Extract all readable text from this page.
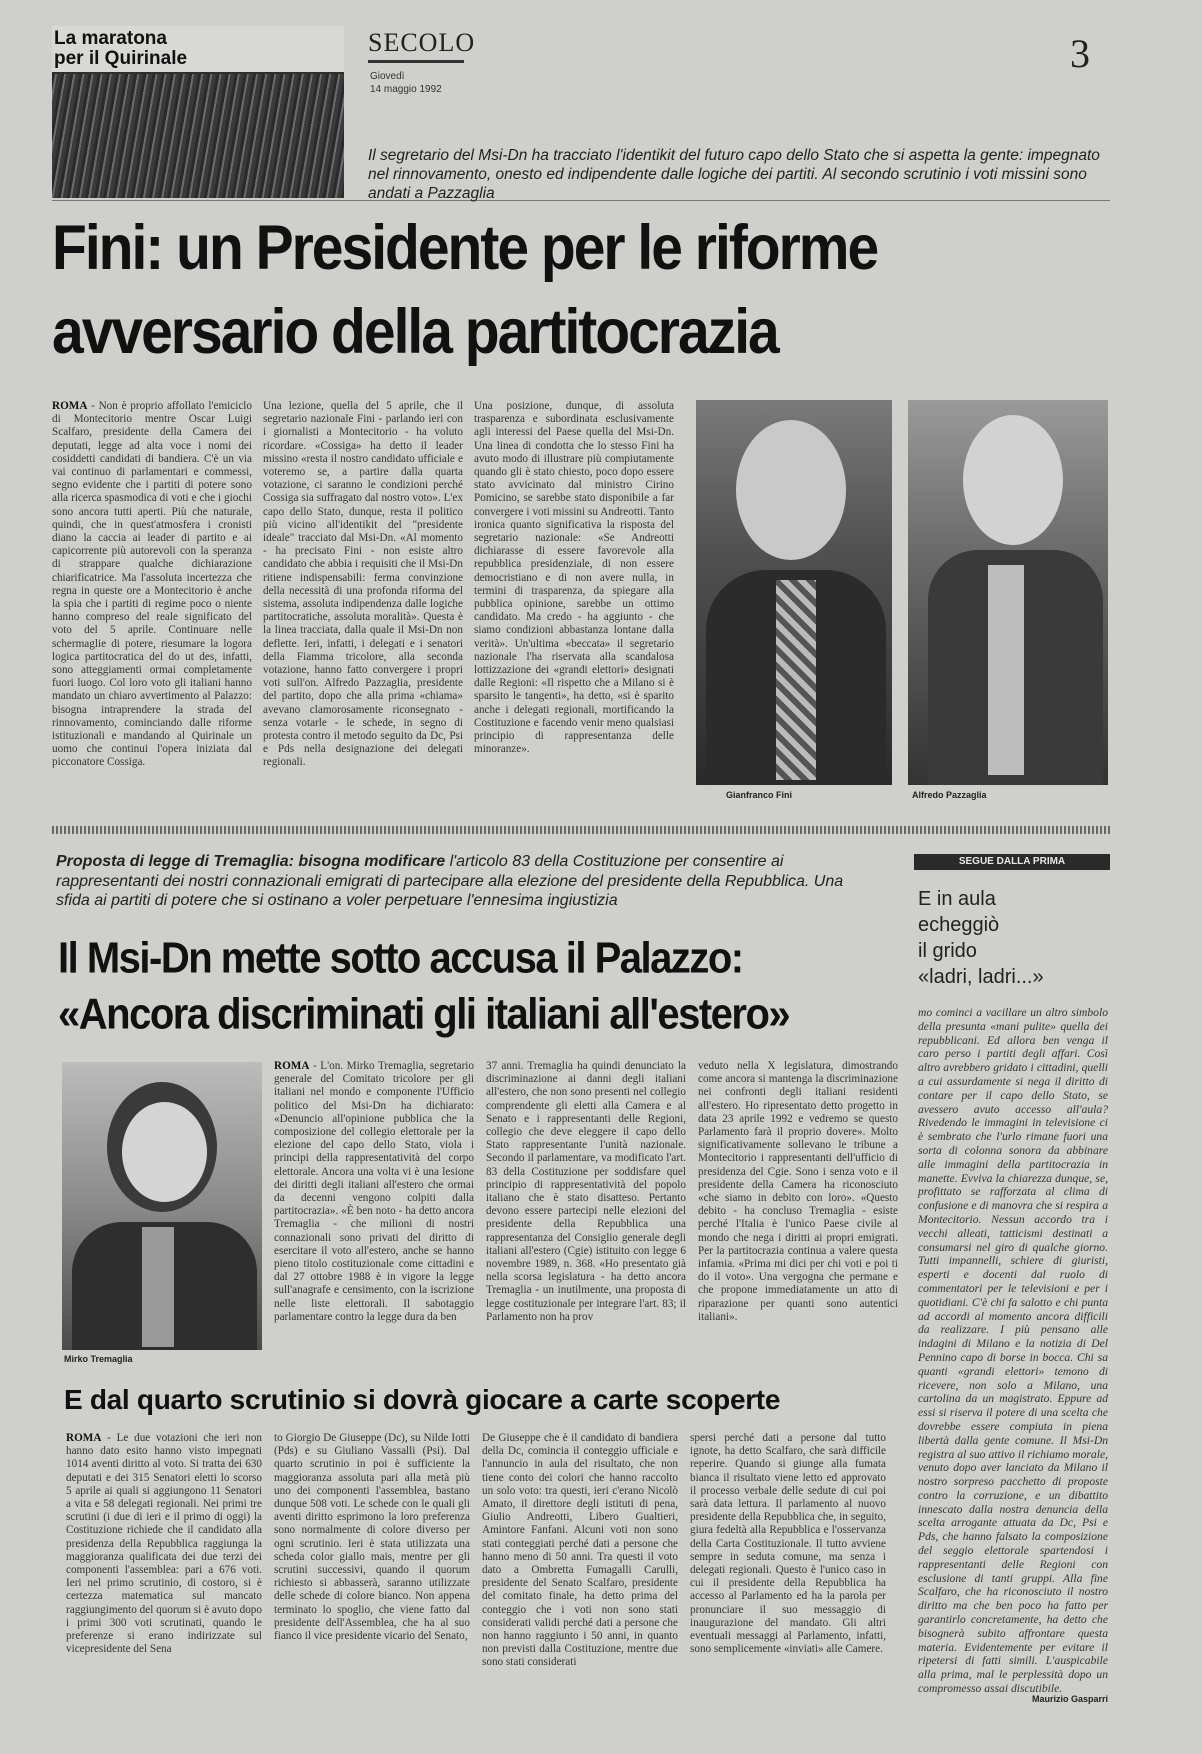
La maratona
per il Quirinale
SECOLO
Giovedì
14 maggio 1992
3
Il segretario del Msi-Dn ha tracciato l'identikit del futuro capo dello Stato che si aspetta la gente: impegnato nel rinnovamento, onesto ed indipendente dalle logiche dei partiti. Al secondo scrutinio i voti missini sono andati a Pazzaglia
Fini: un Presidente per le riforme
avversario della partitocrazia
ROMA - Non è proprio affollato l'emiciclo di Montecitorio mentre Oscar Luigi Scalfaro, presidente della Camera dei deputati, legge ad alta voce i nomi dei cosiddetti candidati di bandiera. C'è un via vai continuo di parlamentari e commessi, segno evidente che i partiti di potere sono alla ricerca spasmodica di voti e che i giochi sono ancora tutti aperti. Più che naturale, quindi, che in quest'atmosfera i cronisti diano la caccia ai leader di partito e ai capicorrente più autorevoli con la speranza di strappare qualche dichiarazione chiarificatrice. Ma l'assoluta incertezza che regna in queste ore a Montecitorio è anche la spia che i partiti di regime poco o niente hanno compreso del reale significato del voto del 5 aprile. Continuare nelle schermaglie di potere, riesumare la logora logica partitocratica del do ut des, infatti, sono atteggiamenti ormai completamente fuori luogo. Col loro voto gli italiani hanno mandato un chiaro avvertimento al Palazzo: bisogna intraprendere la strada del rinnovamento, cominciando dalle riforme istituzionali e mandando al Quirinale un uomo che continui l'opera iniziata dal picconatore Cossiga.
Una lezione, quella del 5 aprile, che il segretario nazionale Fini - parlando ieri con i giornalisti a Montecitorio - ha voluto ricordare. «Cossiga» ha detto il leader missino «resta il nostro candidato ufficiale e voteremo se, a partire dalla quarta votazione, ci saranno le condizioni perché Cossiga sia suffragato dal nostro voto». L'ex capo dello Stato, dunque, resta il politico più vicino all'identikit del "presidente ideale" tracciato dal Msi-Dn. «Al momento - ha precisato Fini - non esiste altro candidato che abbia i requisiti che il Msi-Dn ritiene indispensabili: ferma convinzione della necessità di una profonda riforma del sistema, assoluta indipendenza dalle logiche partitocratiche, assoluta moralità». Questa è la linea tracciata, dalla quale il Msi-Dn non deflette. Ieri, infatti, i delegati e i senatori della Fiamma tricolore, alla seconda votazione, hanno fatto convergere i propri voti sull'on. Alfredo Pazzaglia, presidente del partito, dopo che alla prima «chiama» avevano clamorosamente riconsegnato - senza votarle - le schede, in segno di protesta contro il metodo seguito da Dc, Psi e Pds nella designazione dei delegati regionali.
Una posizione, dunque, di assoluta trasparenza e subordinata esclusivamente agli interessi del Paese quella del Msi-Dn. Una linea di condotta che lo stesso Fini ha avuto modo di illustrare più compiutamente quando gli è stato chiesto, poco dopo essere stato avvicinato dal ministro Cirino Pomicino, se sarebbe stato disponibile a far convergere i voti missini su Andreotti. Tanto ironica quanto significativa la risposta del segretario nazionale: «Se Andreotti dichiarasse di essere favorevole alla repubblica presidenziale, di non essere democristiano e di non avere nulla, in termini di trasparenza, da spiegare alla pubblica opinione, sarebbe un ottimo candidato. Ma credo - ha aggiunto - che siamo condizioni abbastanza lontane dalla verità». Un'ultima «beccata» il segretario nazionale l'ha riservata alla scandalosa lottizzazione dei «grandi elettori» designati dalle Regioni: «Il rispetto che a Milano si è sparsito le tangenti», ha detto, «si è sparito anche i delegati regionali, mortificando la Costituzione e facendo venir meno qualsiasi principio di rappresentanza delle minoranze».
Gianfranco Fini	Alfredo Pazzaglia
Proposta di legge di Tremaglia: bisogna modificare l'articolo 83 della Costituzione per consentire ai rappresentanti dei nostri connazionali emigrati di partecipare alla elezione del presidente della Repubblica. Una sfida ai partiti di potere che si ostinano a voler perpetuare l'ennesima ingiustizia
Il Msi-Dn mette sotto accusa il Palazzo:
«Ancora discriminati gli italiani all'estero»
Mirko Tremaglia
ROMA - L'on. Mirko Tremaglia, segretario generale del Comitato tricolore per gli italiani nel mondo e componente l'Ufficio politico del Msi-Dn ha dichiarato: «Denuncio all'opinione pubblica che la composizione del collegio elettorale per la elezione del capo dello Stato, viola i principi della rappresentatività del corpo elettorale. Ancora una volta vi è una lesione dei diritti degli italiani all'estero che ormai da decenni vengono colpiti dalla partitocrazia». «È ben noto - ha detto ancora Tremaglia - che milioni di nostri connazionali sono privati del diritto di esercitare il voto all'estero, anche se hanno pieno titolo costituzionale come cittadini e dal 27 ottobre 1988 è in vigore la legge sull'anagrafe e censimento, con la iscrizione nelle liste elettorali. Il sabotaggio parlamentare contro la legge dura da ben
37 anni. Tremaglia ha quindi denunciato la discriminazione ai danni degli italiani all'estero, che non sono presenti nel collegio comprendente gli eletti alla Camera e al Senato e i rappresentanti delle Regioni, collegio che deve eleggere il capo dello Stato rappresentante l'unità nazionale. Secondo il parlamentare, va modificato l'art. 83 della Costituzione per soddisfare quel principio di rappresentatività del popolo italiano che è stato disatteso. Pertanto devono essere partecipi nelle elezioni del presidente della Repubblica una rappresentanza del Consiglio generale degli italiani all'estero (Cgie) istituito con legge 6 novembre 1989, n. 368. «Ho presentato già nella scorsa legislatura - ha detto ancora Tremaglia - un inutilmente, una proposta di legge costituzionale per integrare l'art. 83; il Parlamento non ha prov
veduto nella X legislatura, dimostrando come ancora si mantenga la discriminazione nei confronti degli italiani residenti all'estero. Ho ripresentato detto progetto in data 23 aprile 1992 e vedremo se questo Parlamento farà il proprio dovere». Molto significativamente sollevano le tribune a Montecitorio i rappresentanti dell'ufficio di presidenza del Cgie. Sono i senza voto e il presidente della Camera ha riconosciuto «che siamo in debito con loro». «Questo debito - ha concluso Tremaglia - esiste perché l'Italia è l'unico Paese civile al mondo che nega i diritti ai propri emigrati. Per la partitocrazia continua a valere questa infamia. «Prima mi dici per chi voti e poi ti do il voto». Una vergogna che permane e che propone immediatamente un atto di riparazione per quanti sono autentici italiani».
SEGUE DALLA PRIMA
E in aula
echeggiò
il grido
«ladri, ladri...»
mo cominci a vacillare un altro simbolo della presunta «mani pulite» quella dei repubblicani. Ed allora ben venga il caro perso i partiti degli affari. Così altro avrebbero gridato i cittadini, quelli a cui assurdamente si nega il diritto di contare per il capo dello Stato, se avessero avuto accesso all'aula? Rivedendo le immagini in televisione ci è sembrato che l'urlo rimane fuori una sorta di colonna sonora da abbinare alle immagini della partitocrazia in manette. Evviva la chiarezza dunque, se, profittato se rafforzata al clima di confusione e di manovra che si respira a Montecitorio. Nessun accordo tra i vecchi alleati, tatticismi destinati a consumarsi nel giro di qualche giorno. Tutti impannelli, schiere di giuristi, esperti e docenti dal ruolo di commentatori per le televisioni e per i quotidiani. C'è chi fa salotto e chi punta ad accordi al momento ancora difficili da realizzare. I più pensano alle indagini di Milano e la notizia di Del Pennino capo di borse in bocca. Chi sa quanti «grandi elettori» temono di ricevere, non solo a Milano, una cartolina da un magistrato. Eppure ad essi si riserva il potere di una scelta che dovrebbe essere compiuta in piena libertà dalla gente comune. Il Msi-Dn registra al suo attivo il richiamo morale, venuto dopo aver lanciato da Milano il nostro sorpreso pacchetto di proposte contro la corruzione, e un dibattito innescato dalla nostra denuncia della scelta arrogante attuata da Dc, Psi e Pds, che hanno falsato la composizione del seggio elettorale spartendosi i rappresentanti delle Regioni con esclusione di tanti gruppi. Alla fine Scalfaro, che ha riconosciuto il nostro diritto ma che ben poco ha fatto per garantirlo concretamente, ha detto che bisognerà subito affrontare questa materia. Evidentemente per evitare il ripetersi di fatti simili. L'auspicabile alla prima, mal le perplessità dopo un compromesso assai discutibile.
Maurizio Gasparri
E dal quarto scrutinio si dovrà giocare a carte scoperte
ROMA - Le due votazioni che ieri non hanno dato esito hanno visto impegnati 1014 aventi diritto al voto. Si tratta dei 630 deputati e dei 315 Senatori eletti lo scorso 5 aprile ai quali si aggiungono 11 Senatori a vita e 58 delegati regionali. Nei primi tre scrutini (i due di ieri e il primo di oggi) la Costituzione richiede che il candidato alla presidenza della Repubblica raggiunga la maggioranza qualificata dei due terzi dei componenti l'assemblea: pari a 676 voti. Ieri nel primo scrutinio, di costoro, si è certezza matematica sul mancato raggiungimento del quorum si è avuto dopo i primi 300 voti scrutinati, quando le preferenze si erano indirizzate sul vicepresidente del Sena
to Giorgio De Giuseppe (Dc), su Nilde Iotti (Pds) e su Giuliano Vassalli (Psi). Dal quarto scrutinio in poi è sufficiente la maggioranza assoluta pari alla metà più uno dei componenti l'assemblea, bastano dunque 508 voti. Le schede con le quali gli aventi diritto esprimono la loro preferenza sono normalmente di colore diverso per ogni scrutinio. Ieri è stata utilizzata una scheda color giallo mais, mentre per gli scrutini successivi, quando il quorum richiesto si abbasserà, saranno utilizzate delle schede di colore bianco. Non appena terminato lo spoglio, che viene fatto dal presidente dell'Assemblea, che ha al suo fianco il vice presidente vicario del Senato,
De Giuseppe che è il candidato di bandiera della Dc, comincia il conteggio ufficiale e l'annuncio in aula del risultato, che non tiene conto dei colori che hanno raccolto un solo voto: tra questi, ieri c'erano Nicolò Amato, il direttore degli istituti di pena, Giulio Andreotti, Libero Gualtieri, Amintore Fanfani. Alcuni voti non sono stati conteggiati perché dati a persone che hanno meno di 50 anni. Tra questi il voto dato a Ombretta Fumagalli Carulli, presidente del Senato Scalfaro, presidente del comitato finale, ha detto prima del conteggio che i voti non sono stati considerati validi perché dati a persone che non hanno raggiunto i 50 anni, in quanto non previsti dalla Costituzione, mentre due sono stati considerati
spersi perché dati a persone dal tutto ignote, ha detto Scalfaro, che sarà difficile reperire. Quando si giunge alla fumata bianca il risultato viene letto ed approvato il processo verbale delle sedute di cui poi sarà data lettura. Il parlamento al nuovo presidente della Repubblica che, in seguito, giura fedeltà alla Repubblica e l'osservanza della Carta Costituzionale. Il tutto avviene sempre in seduta comune, ma senza i delegati regionali. Questo è l'unico caso in cui il presidente della Repubblica ha accesso al Parlamento ed ha la parola per pronunciare il suo messaggio di inaugurazione del mandato. Gli altri eventuali messaggi al Parlamento, infatti, sono semplicemente «inviati» alle Camere.
